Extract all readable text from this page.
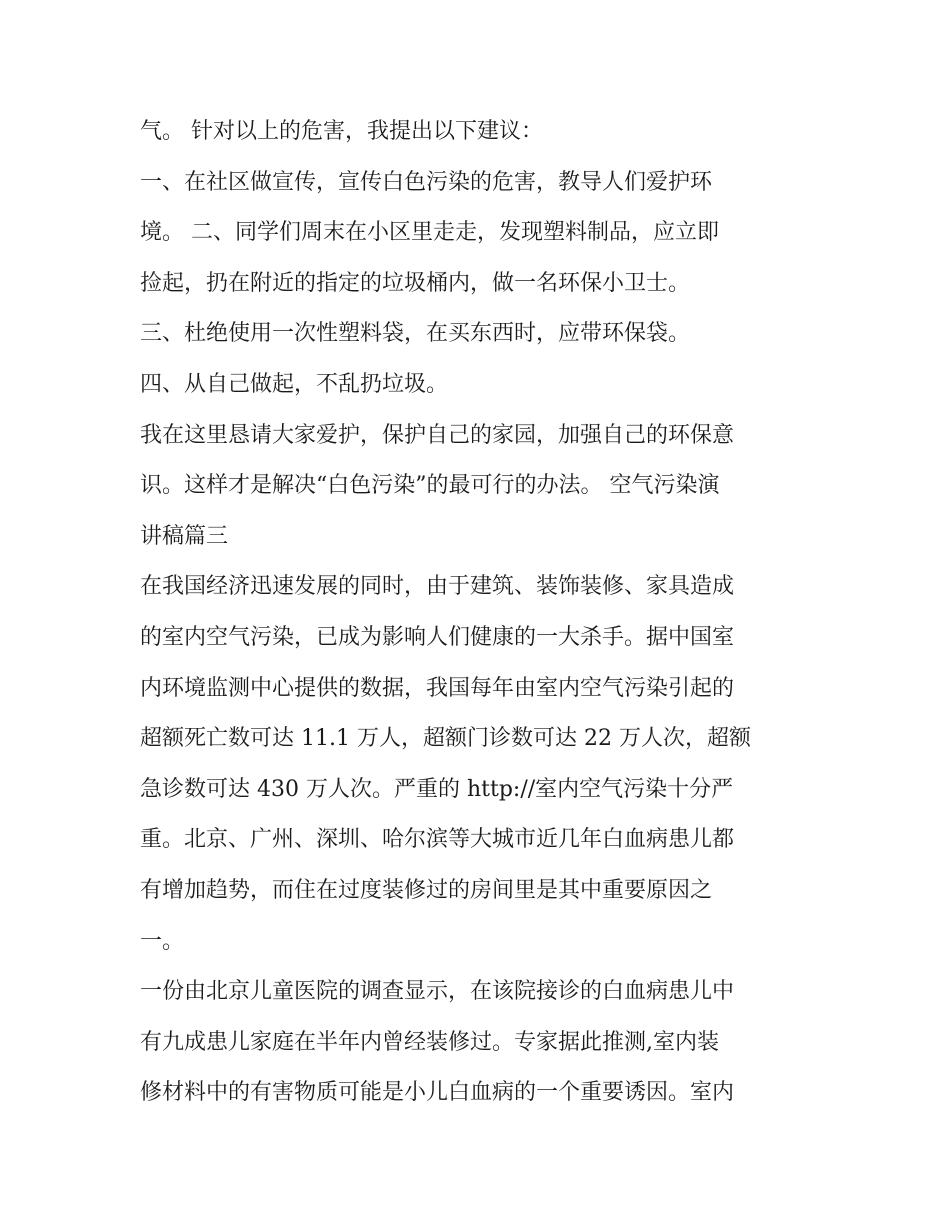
气。 针对以上的危害，我提出以下建议：
一、在社区做宣传，宣传白色污染的危害，教导人们爱护环
境。 二、同学们周末在小区里走走，发现塑料制品，应立即
捡起，扔在附近的指定的垃圾桶内，做一名环保小卫士。
三、杜绝使用一次性塑料袋，在买东西时，应带环保袋。
四、从自己做起，不乱扔垃圾。
我在这里恳请大家爱护，保护自己的家园，加强自己的环保意
识。这样才是解决“白色污染”的最可行的办法。 空气污染演
讲稿篇三
在我国经济迅速发展的同时，由于建筑、装饰装修、家具造成
的室内空气污染，已成为影响人们健康的一大杀手。据中国室
内环境监测中心提供的数据，我国每年由室内空气污染引起的
超额死亡数可达 11.1 万人，超额门诊数可达 22 万人次，超额
急诊数可达 430 万人次。严重的 http://室内空气污染十分严
重。北京、广州、深圳、哈尔滨等大城市近几年白血病患儿都
有增加趋势，而住在过度装修过的房间里是其中重要原因之
一。
一份由北京儿童医院的调查显示，在该院接诊的白血病患儿中
有九成患儿家庭在半年内曾经装修过。专家据此推测,室内装
修材料中的有害物质可能是小儿白血病的一个重要诱因。室内
